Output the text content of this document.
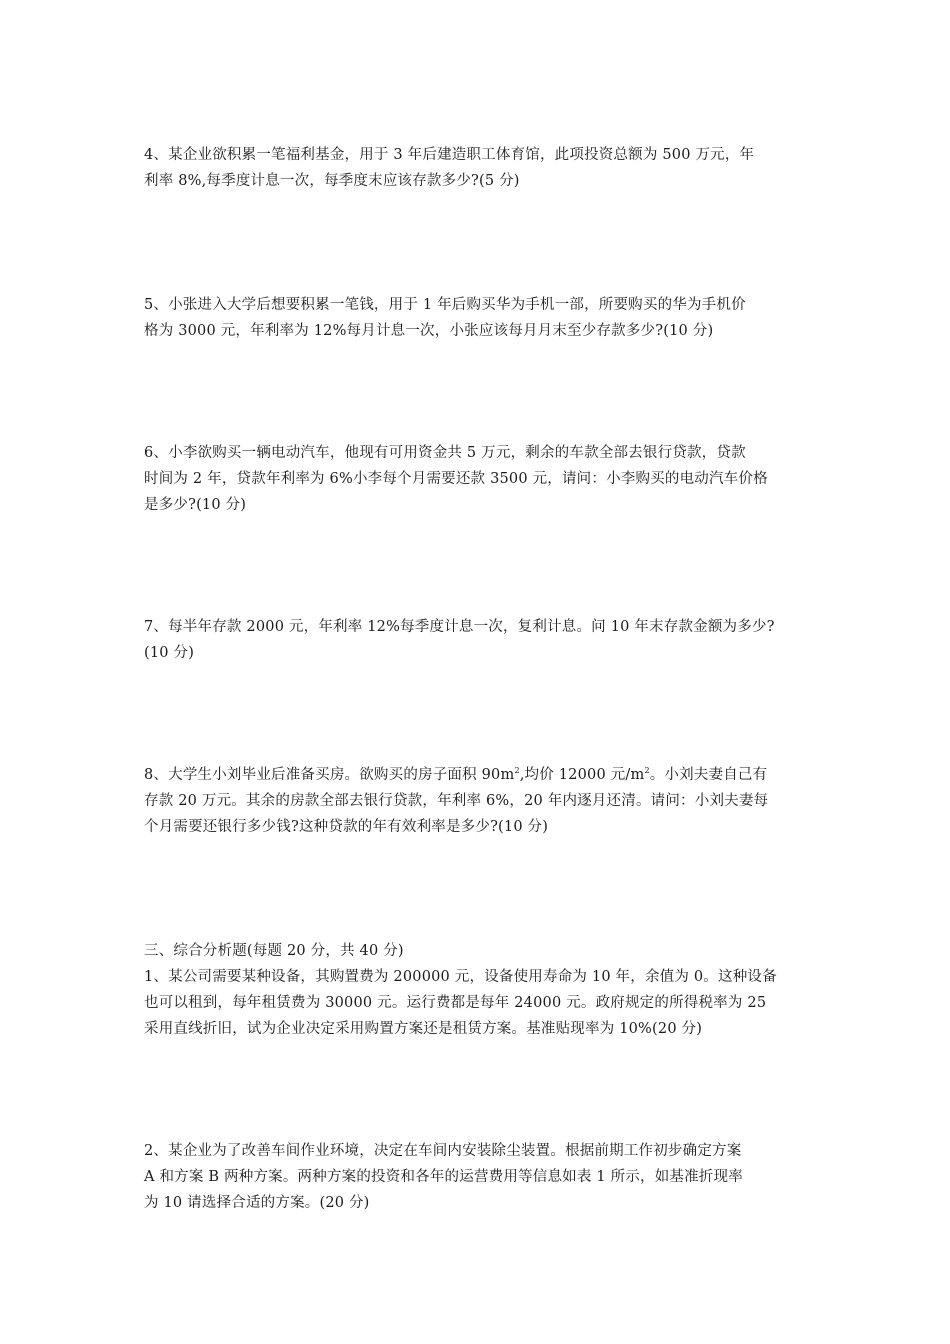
4、某企业欲积累一笔福利基金，用于 3 年后建造职工体育馆，此项投资总额为 500 万元，年
利率 8%,每季度计息一次，每季度末应该存款多少?(5 分)

5、小张进入大学后想要积累一笔钱，用于 1 年后购买华为手机一部，所要购买的华为手机价
格为 3000 元，年利率为 12%每月计息一次，小张应该每月月末至少存款多少?(10 分)

6、小李欲购买一辆电动汽车，他现有可用资金共 5 万元，剩余的车款全部去银行贷款，贷款
时间为 2 年，贷款年利率为 6%小李每个月需要还款 3500 元，请问：小李购买的电动汽车价格
是多少?(10 分)

7、每半年存款 2000 元，年利率 12%每季度计息一次，复利计息。问 10 年末存款金额为多少?
(10 分)

8、大学生小刘毕业后准备买房。欲购买的房子面积 $90m^2$,均价 12000 元$/m^2$。小刘夫妻自己有
存款 20 万元。其余的房款全部去银行贷款，年利率 6%，20 年内逐月还清。请问：小刘夫妻每
个月需要还银行多少钱?这种贷款的年有效利率是多少?(10 分)

三、综合分析题(每题 20 分，共 40 分)
1、某公司需要某种设备，其购置费为 200000 元，设备使用寿命为 10 年，余值为 0。这种设备
也可以租到，每年租赁费为 30000 元。运行费都是每年 24000 元。政府规定的所得税率为 25
采用直线折旧，试为企业决定采用购置方案还是租赁方案。基准贴现率为 10%(20 分)

2、某企业为了改善车间作业环境，决定在车间内安装除尘装置。根据前期工作初步确定方案
A 和方案 B 两种方案。两种方案的投资和各年的运营费用等信息如表 1 所示，如基准折现率
为 10 请选择合适的方案。(20 分)
